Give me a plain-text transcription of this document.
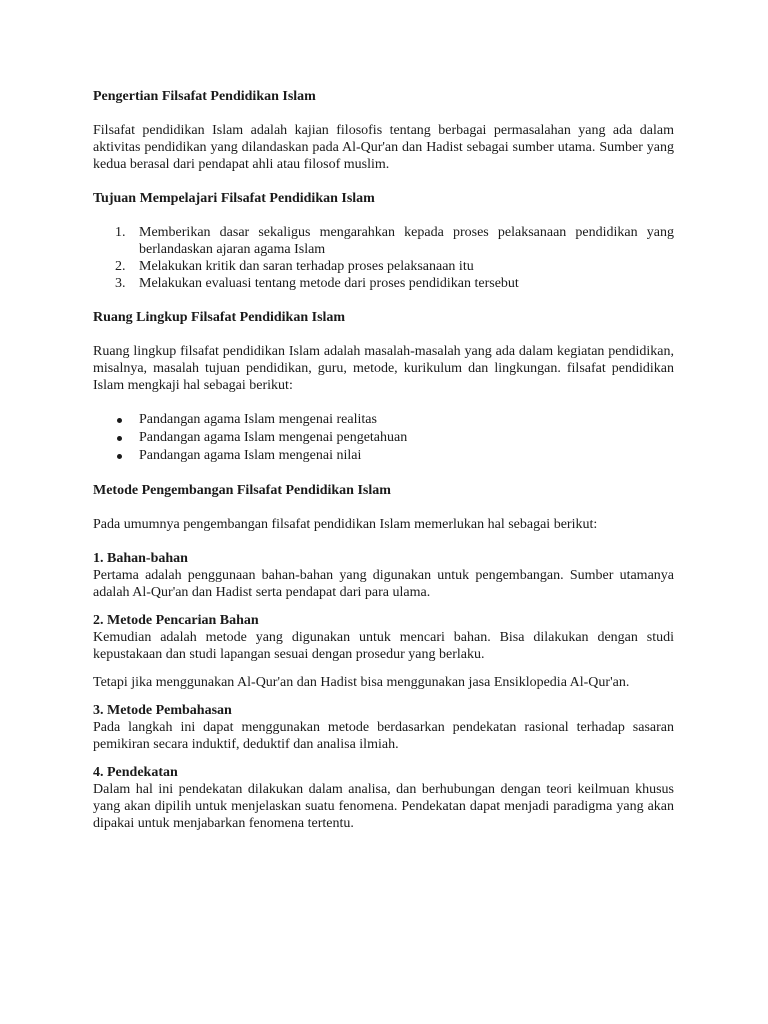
Pengertian Filsafat Pendidikan Islam

Filsafat pendidikan Islam adalah kajian filosofis tentang berbagai permasalahan yang ada dalam aktivitas pendidikan yang dilandaskan pada Al-Qur'an dan Hadist sebagai sumber utama. Sumber yang kedua berasal dari pendapat ahli atau filosof muslim.

Tujuan Mempelajari Filsafat Pendidikan Islam

1. Memberikan dasar sekaligus mengarahkan kepada proses pelaksanaan pendidikan yang berlandaskan ajaran agama Islam
2. Melakukan kritik dan saran terhadap proses pelaksanaan itu
3. Melakukan evaluasi tentang metode dari proses pendidikan tersebut

Ruang Lingkup Filsafat Pendidikan Islam

Ruang lingkup filsafat pendidikan Islam adalah masalah-masalah yang ada dalam kegiatan pendidikan, misalnya, masalah tujuan pendidikan, guru, metode, kurikulum dan lingkungan. filsafat pendidikan Islam mengkaji hal sebagai berikut:

Pandangan agama Islam mengenai realitas
Pandangan agama Islam mengenai pengetahuan
Pandangan agama Islam mengenai nilai

Metode Pengembangan Filsafat Pendidikan Islam

Pada umumnya pengembangan filsafat pendidikan Islam memerlukan hal sebagai berikut:

1. Bahan-bahan

Pertama adalah penggunaan bahan-bahan yang digunakan untuk pengembangan. Sumber utamanya adalah Al-Qur'an dan Hadist serta pendapat dari para ulama.

2. Metode Pencarian Bahan

Kemudian adalah metode yang digunakan untuk mencari bahan. Bisa dilakukan dengan studi kepustakaan dan studi lapangan sesuai dengan prosedur yang berlaku.

Tetapi jika menggunakan Al-Qur'an dan Hadist bisa menggunakan jasa Ensiklopedia Al-Qur'an.

3. Metode Pembahasan

Pada langkah ini dapat menggunakan metode berdasarkan pendekatan rasional terhadap sasaran pemikiran secara induktif, deduktif dan analisa ilmiah.

4. Pendekatan

Dalam hal ini pendekatan dilakukan dalam analisa, dan berhubungan dengan teori keilmuan khusus yang akan dipilih untuk menjelaskan suatu fenomena. Pendekatan dapat menjadi paradigma yang akan dipakai untuk menjabarkan fenomena tertentu.
